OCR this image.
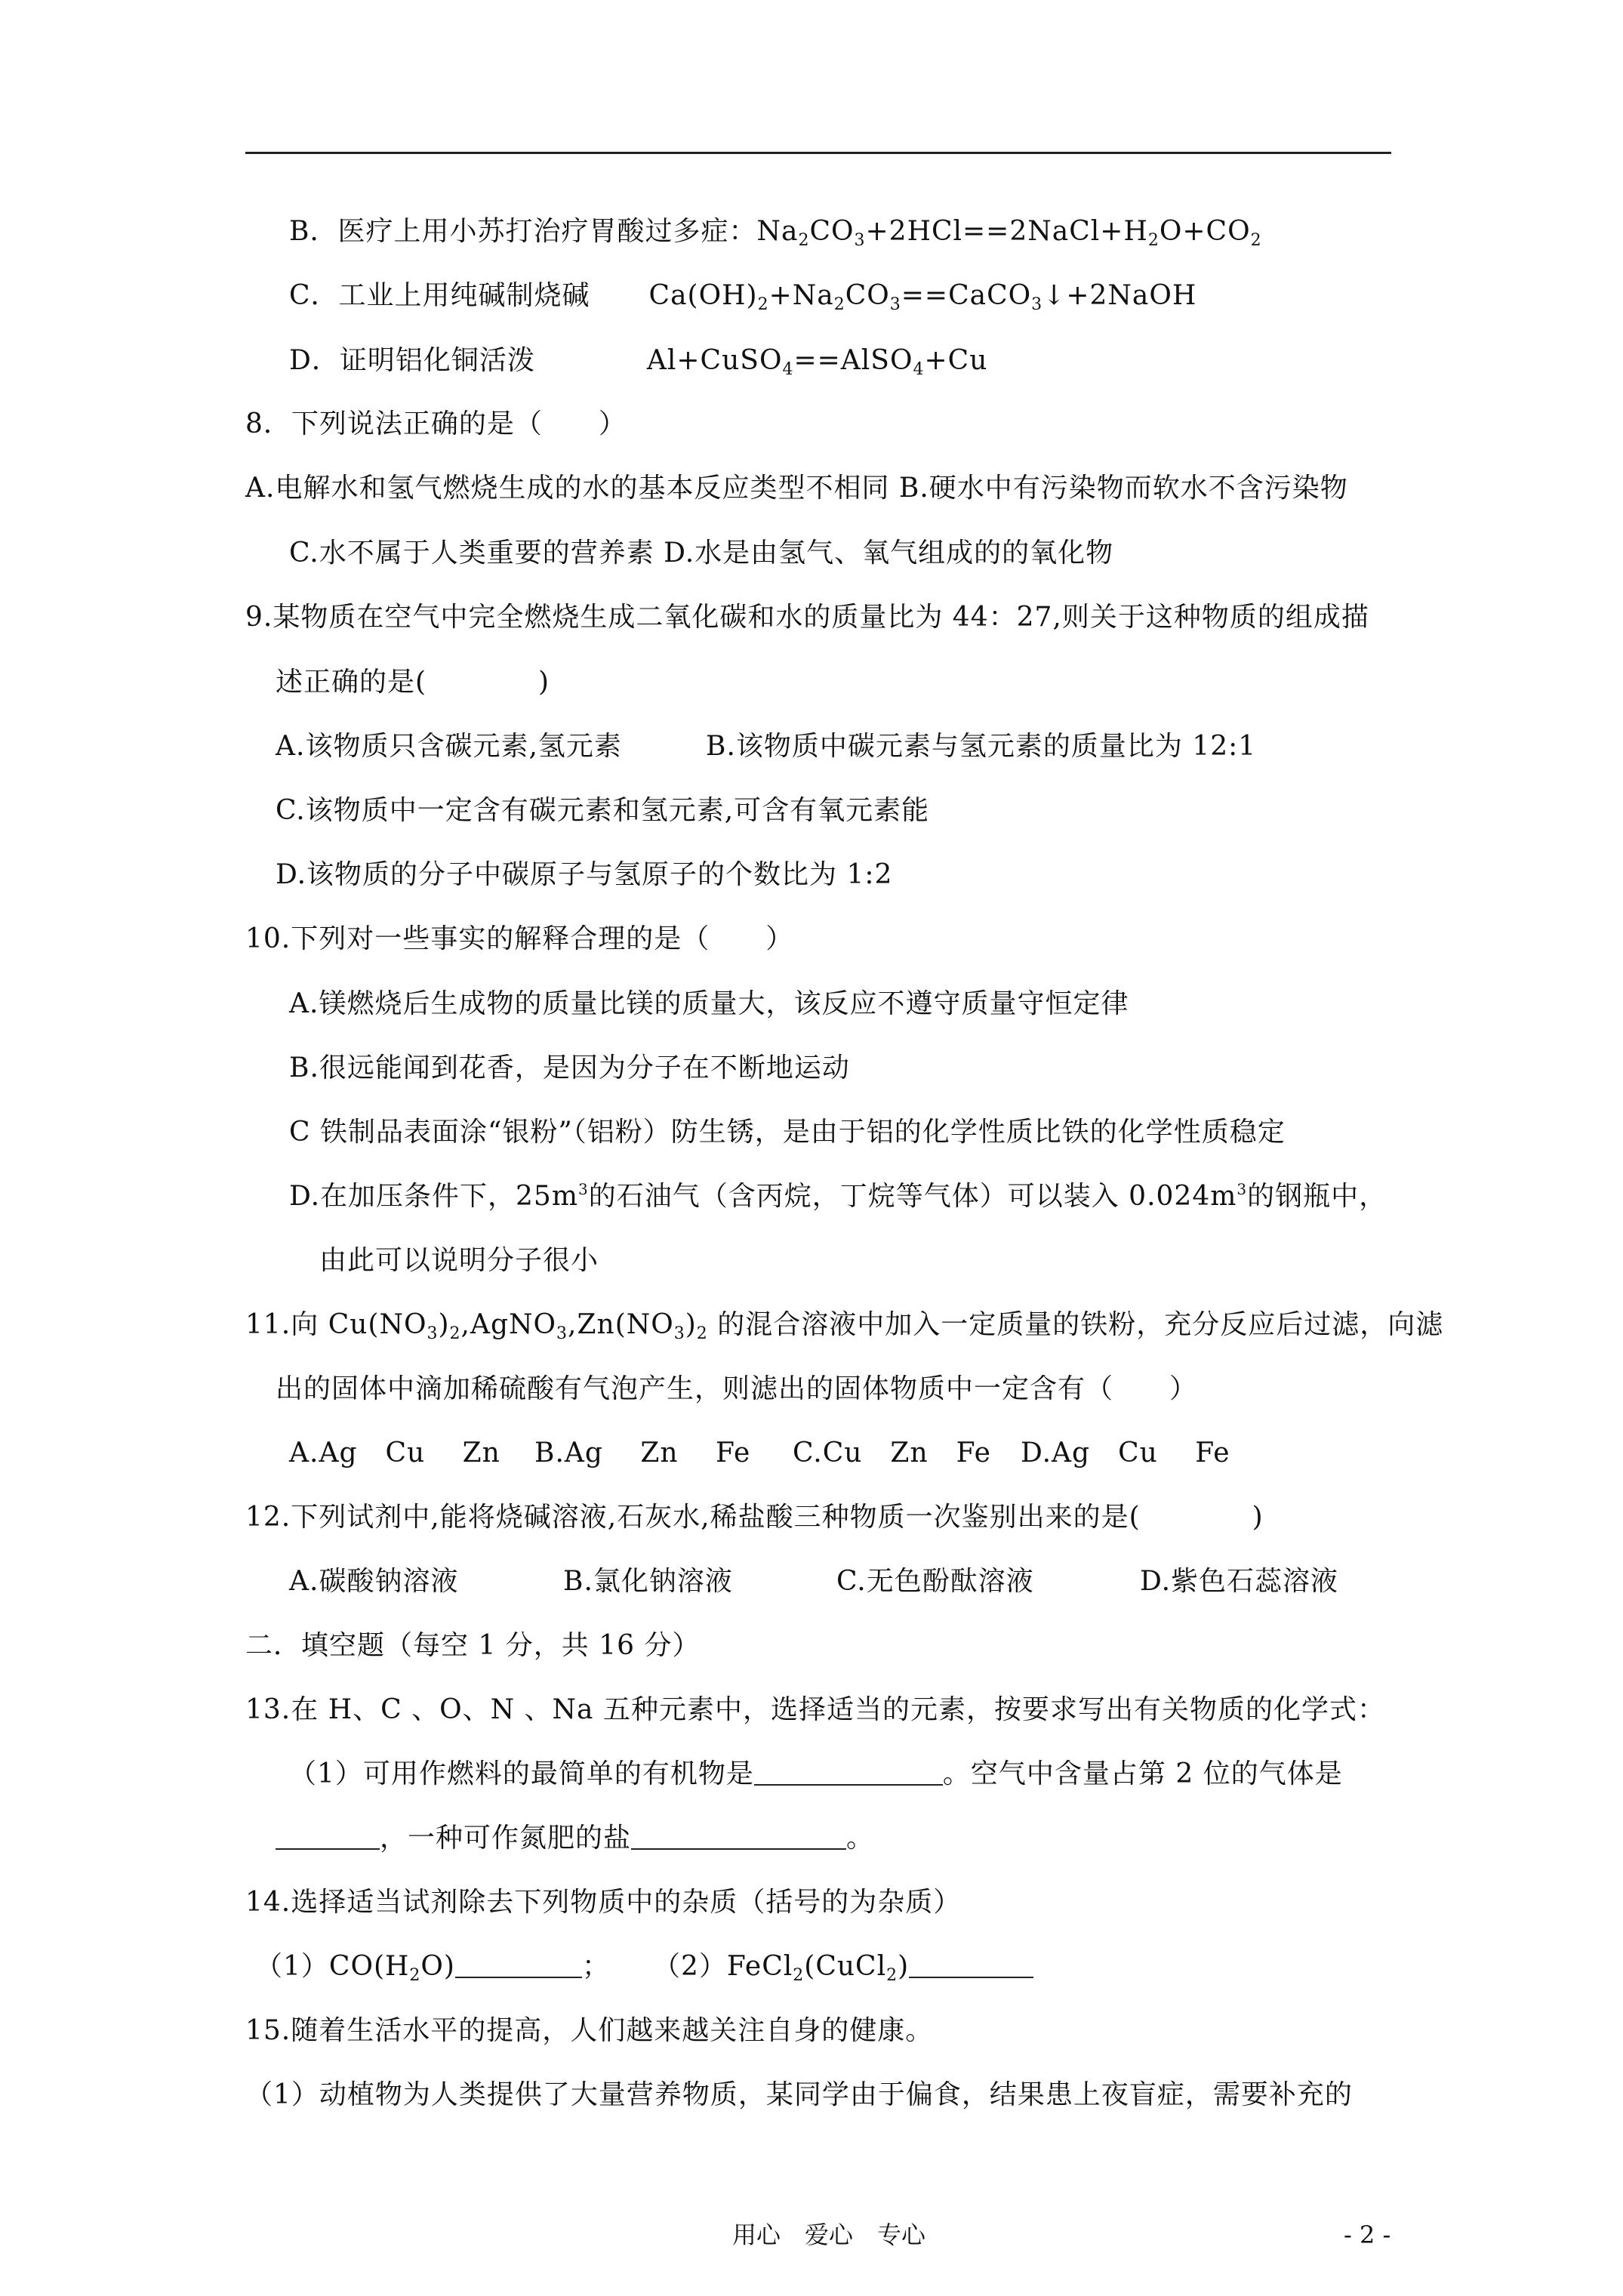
B．医疗上用小苏打治疗胃酸过多症：$Na_2CO_3+2HCl==2NaCl+H_2O+CO_2$
C．工业上用纯碱制烧碱 $Ca(OH)_2+Na_2CO_3==CaCO_3↓+2NaOH$
D．证明铝化铜活泼	Al+CuSO$_4$==AlSO$_4$+Cu
8．下列说法正确的是（　　）
A.电解水和氢气燃烧生成的水的基本反应类型不相同 B.硬水中有污染物而软水不含污染物
C.水不属于人类重要的营养素 D.水是由氢气、氧气组成的的氧化物
9.某物质在空气中完全燃烧生成二氧化碳和水的质量比为 44：27,则关于这种物质的组成描
述正确的是(　　　　)
A.该物质只含碳元素,氢元素	B.该物质中碳元素与氢元素的质量比为 12:1
C.该物质中一定含有碳元素和氢元素,可含有氧元素能
D.该物质的分子中碳原子与氢原子的个数比为 1:2
10.下列对一些事实的解释合理的是（　　）
A.镁燃烧后生成物的质量比镁的质量大，该反应不遵守质量守恒定律
B.很远能闻到花香，是因为分子在不断地运动
C 铁制品表面涂“银粉”（铝粉）防生锈，是由于铝的化学性质比铁的化学性质稳定
D.在加压条件下，$25m^3$的石油气（含丙烷，丁烷等气体）可以装入 $0.024m^3$的钢瓶中，
由此可以说明分子很小
11.向 $Cu(NO_3)_2,AgNO_3,Zn(NO_3)_2$ 的混合溶液中加入一定质量的铁粉，充分反应后过滤，向滤
出的固体中滴加稀硫酸有气泡产生，则滤出的固体物质中一定含有（　　）
A.Ag　Cu　 Zn B.Ag　 Zn　 Fe C.Cu　Zn　Fe D.Ag　Cu　 Fe
12.下列试剂中,能将烧碱溶液,石灰水,稀盐酸三种物质一次鉴别出来的是(　　　　)
A.碳酸钠溶液	B.氯化钠溶液	C.无色酚酞溶液	D.紫色石蕊溶液
二．填空题（每空 1 分，共 16 分）
13.在 H、C 、O、N 、Na 五种元素中，选择适当的元素，按要求写出有关物质的化学式：
（1）可用作燃料的最简单的有机物是	。空气中含量占第 2 位的气体是
，一种可作氮肥的盐	。
14.选择适当试剂除去下列物质中的杂质（括号的为杂质）
$(1)CO(H_2O)$	； （2）FeCl$_2$(CuCl$_2$)
15.随着生活水平的提高，人们越来越关注自身的健康。
（1）动植物为人类提供了大量营养物质，某同学由于偏食，结果患上夜盲症，需要补充的
用心　爱心　专心	- 2 -
